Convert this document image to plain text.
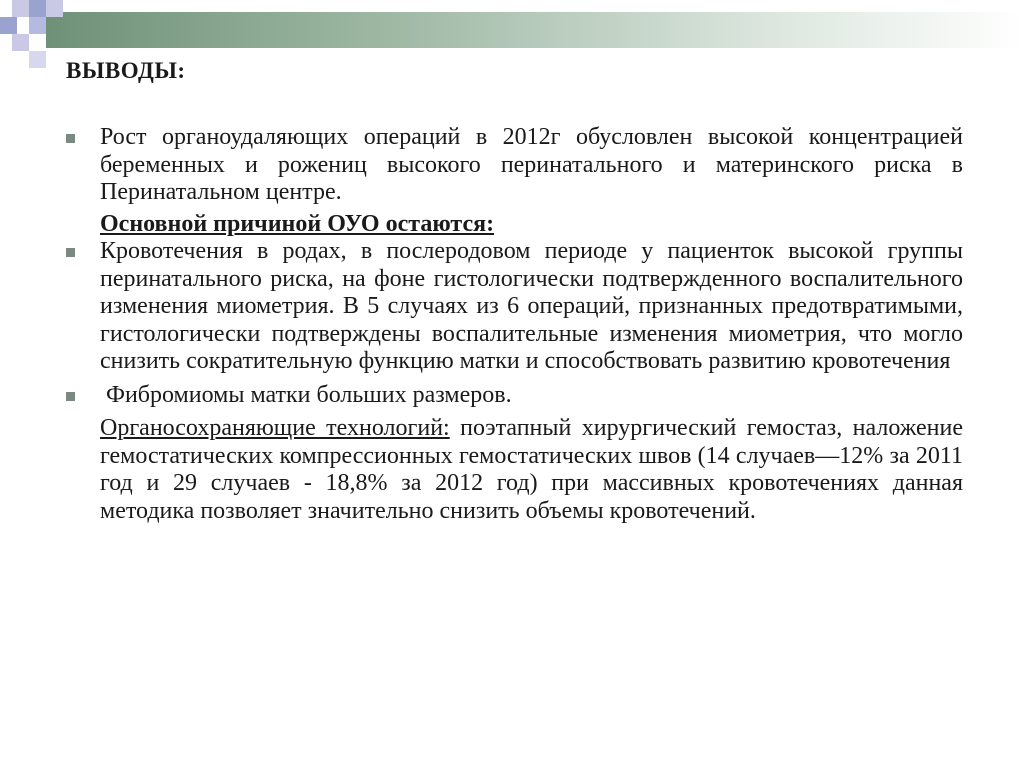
ВЫВОДЫ:
Рост органоудаляющих операций в 2012г обусловлен высокой концентрацией беременных и рожениц высокого перинатального и материнского риска в Перинатальном центре.
Основной причиной ОУО остаются:
Кровотечения в родах, в послеродовом периоде у пациенток высокой группы перинатального риска, на фоне гистологически подтвержденного воспалительного изменения миометрия. В 5 случаях из 6 операций, признанных предотвратимыми, гистологически подтверждены воспалительные изменения миометрия, что могло снизить сократительную функцию матки и способствовать развитию кровотечения
Фибромиомы матки больших размеров.
Органосохраняющие технологий: поэтапный хирургический гемостаз, наложение гемостатических компрессионных гемостатических швов (14 случаев—12% за 2011 год и 29 случаев - 18,8% за 2012 год) при массивных кровотечениях данная методика позволяет значительно снизить объемы кровотечений.
